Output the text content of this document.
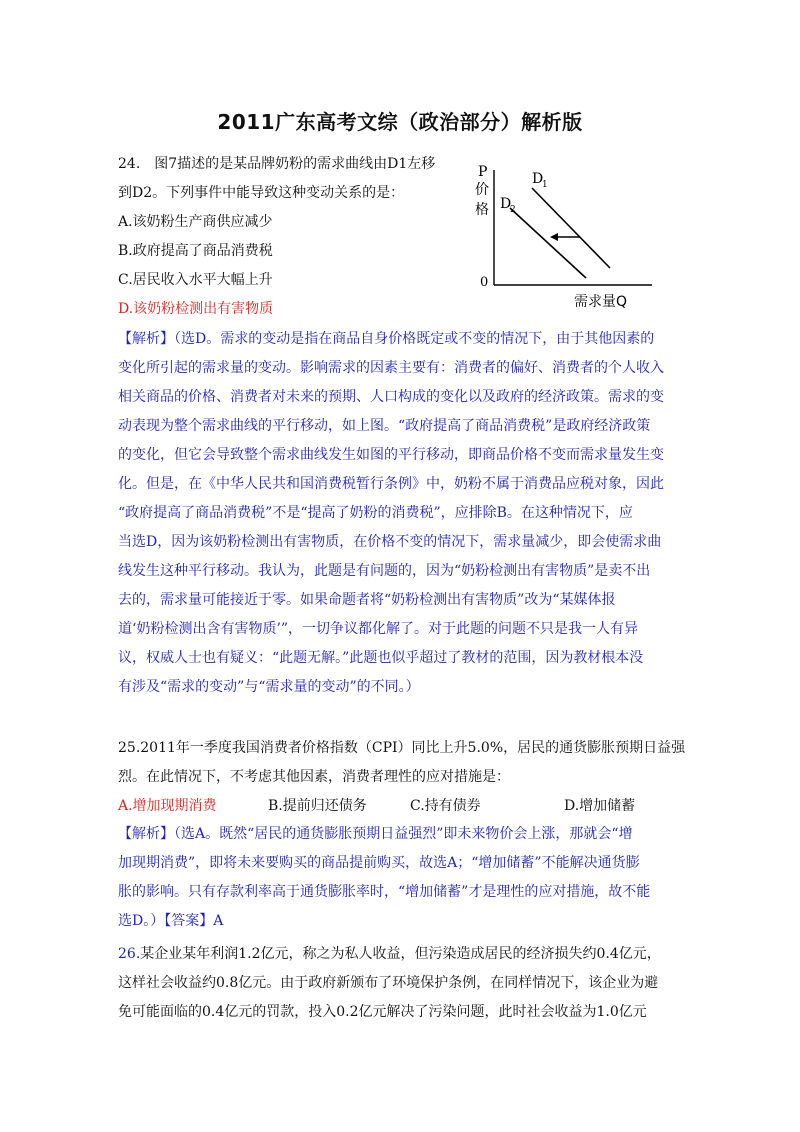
2011广东高考文综（政治部分）解析版
24.　图7描述的是某品牌奶粉的需求曲线由D1左移
到D2。下列事件中能导致这种变动关系的是：
A.该奶粉生产商供应减少
B.政府提高了商品消费税
C.居民收入水平大幅上升
D.该奶粉检测出有害物质
P
价
格
0
D
1
D
2
需求量Q
【解析】（选D。需求的变动是指在商品自身价格既定或不变的情况下，由于其他因素的
变化所引起的需求量的变动。影响需求的因素主要有：消费者的偏好、消费者的个人收入
相关商品的价格、消费者对未来的预期、人口构成的变化以及政府的经济政策。需求的变
动表现为整个需求曲线的平行移动，如上图。“政府提高了商品消费税”是政府经济政策
的变化，但它会导致整个需求曲线发生如图的平行移动，即商品价格不变而需求量发生变
化。但是，在《中华人民共和国消费税暂行条例》中，奶粉不属于消费品应税对象，因此
“政府提高了商品消费税”不是“提高了奶粉的消费税”，应排除B。在这种情况下，应
当选D，因为该奶粉检测出有害物质，在价格不变的情况下，需求量减少，即会使需求曲
线发生这种平行移动。我认为，此题是有问题的，因为“奶粉检测出有害物质”是卖不出
去的，需求量可能接近于零。如果命题者将“奶粉检测出有害物质”改为“某媒体报
道‘奶粉检测出含有害物质’”，一切争议都化解了。对于此题的问题不只是我一人有异
议，权威人士也有疑义：“此题无解。”此题也似乎超过了教材的范围，因为教材根本没
有涉及“需求的变动”与“需求量的变动”的不同。）
25.2011年一季度我国消费者价格指数（CPI）同比上升5.0%，居民的通货膨胀预期日益强
烈。在此情况下，不考虑其他因素，消费者理性的应对措施是：
A.增加现期消费	B.提前归还债务	C.持有债券	D.增加储蓄
【解析】（选A。既然“居民的通货膨胀预期日益强烈”即未来物价会上涨，那就会“增
加现期消费”，即将未来要购买的商品提前购买，故选A；“增加储蓄”不能解决通货膨
胀的影响。只有存款利率高于通货膨胀率时，“增加储蓄”才是理性的应对措施，故不能
选D。）【答案】A
26.某企业某年利润1.2亿元，称之为私人收益，但污染造成居民的经济损失约0.4亿元，
这样社会收益约0.8亿元。由于政府新颁布了环境保护条例，在同样情况下，该企业为避
免可能面临的0.4亿元的罚款，投入0.2亿元解决了污染问题，此时社会收益为1.0亿元
